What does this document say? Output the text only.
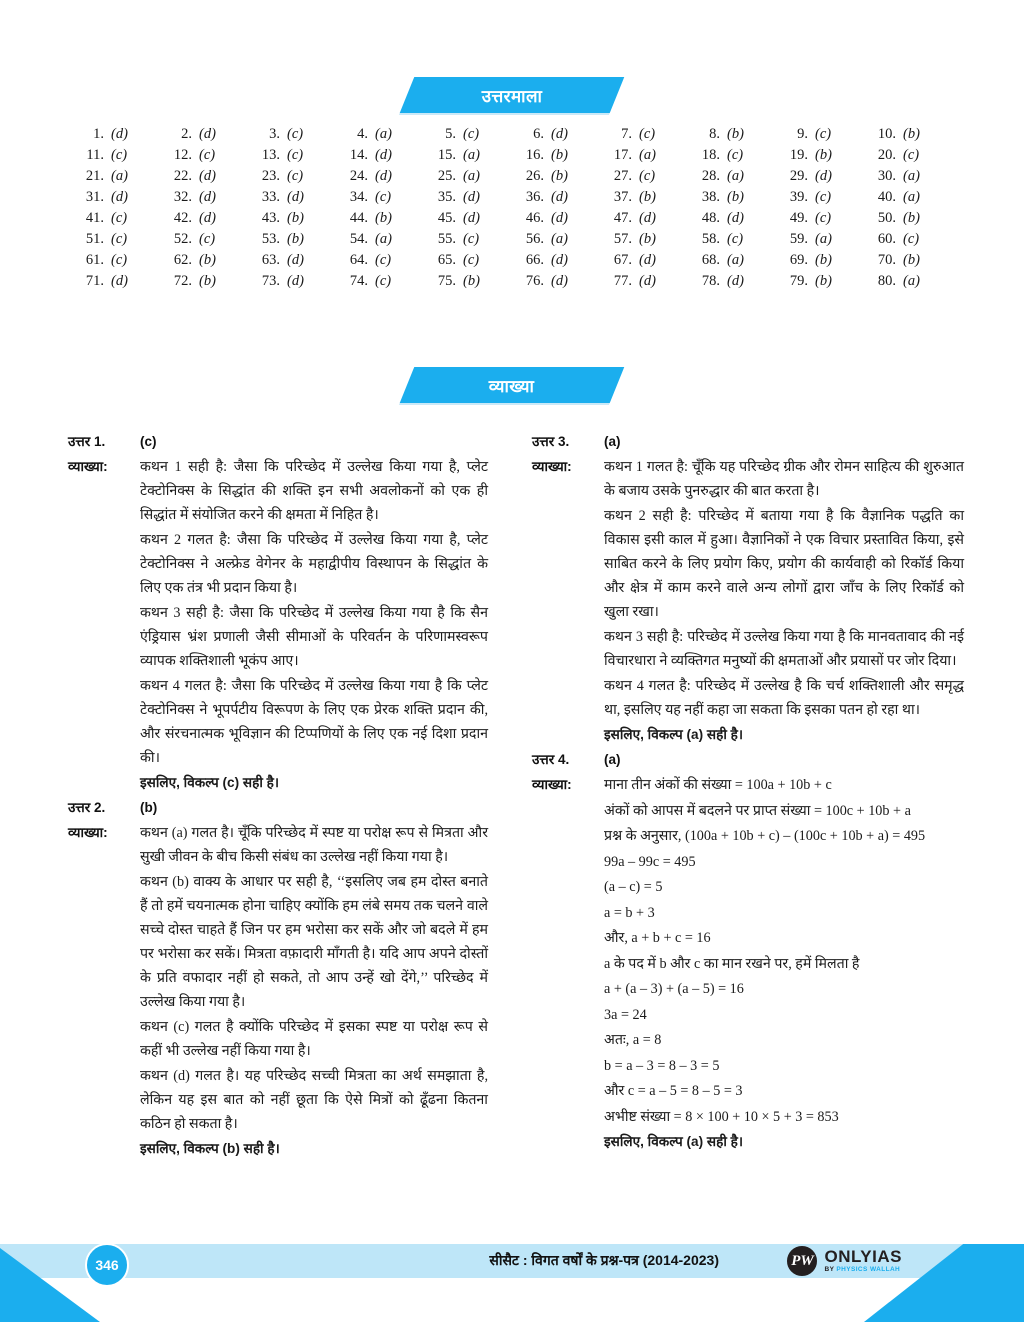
उत्तरमाला
1. (d)	2. (d)	3. (c)	4. (a)	5. (c)	6. (d)	7. (c)	8. (b)	9. (c)	10. (b)
11. (c)	12. (c)	13. (c)	14. (d)	15. (a)	16. (b)	17. (a)	18. (c)	19. (b)	20. (c)
21. (a)	22. (d)	23. (c)	24. (d)	25. (a)	26. (b)	27. (c)	28. (a)	29. (d)	30. (a)
31. (d)	32. (d)	33. (d)	34. (c)	35. (d)	36. (d)	37. (b)	38. (b)	39. (c)	40. (a)
41. (c)	42. (d)	43. (b)	44. (b)	45. (d)	46. (d)	47. (d)	48. (d)	49. (c)	50. (b)
51. (c)	52. (c)	53. (b)	54. (a)	55. (c)	56. (a)	57. (b)	58. (c)	59. (a)	60. (c)
61. (c)	62. (b)	63. (d)	64. (c)	65. (c)	66. (d)	67. (d)	68. (a)	69. (b)	70. (b)
71. (d)	72. (b)	73. (d)	74. (c)	75. (b)	76. (d)	77. (d)	78. (d)	79. (b)	80. (a)
व्याख्या
उत्तर 1.	(c)
व्याख्या:	कथन 1 सही है: जैसा कि परिच्छेद में उल्लेख किया गया है, प्लेट टेक्टोनिक्स के सिद्धांत की शक्ति इन सभी अवलोकनों को एक ही सिद्धांत में संयोजित करने की क्षमता में निहित है।
कथन 2 गलत है: जैसा कि परिच्छेद में उल्लेख किया गया है, प्लेट टेक्टोनिक्स ने अल्फ्रेड वेगेनर के महाद्वीपीय विस्थापन के सिद्धांत के लिए एक तंत्र भी प्रदान किया है।
कथन 3 सही है: जैसा कि परिच्छेद में उल्लेख किया गया है कि सैन एंड्रियास भ्रंश प्रणाली जैसी सीमाओं के परिवर्तन के परिणामस्वरूप व्यापक शक्तिशाली भूकंप आए।
कथन 4 गलत है: जैसा कि परिच्छेद में उल्लेख किया गया है कि प्लेट टेक्टोनिक्स ने भूपर्पटीय विरूपण के लिए एक प्रेरक शक्ति प्रदान की, और संरचनात्मक भूविज्ञान की टिप्पणियों के लिए एक नई दिशा प्रदान की।
इसलिए, विकल्प (c) सही है।
उत्तर 2.	(b)
व्याख्या:	कथन (a) गलत है। चूँकि परिच्छेद में स्पष्ट या परोक्ष रूप से मित्रता और सुखी जीवन के बीच किसी संबंध का उल्लेख नहीं किया गया है।
कथन (b) वाक्य के आधार पर सही है, ‘‘इसलिए जब हम दोस्त बनाते हैं तो हमें चयनात्मक होना चाहिए क्योंकि हम लंबे समय तक चलने वाले सच्चे दोस्त चाहते हैं जिन पर हम भरोसा कर सकें और जो बदले में हम पर भरोसा कर सकें। मित्रता वफ़ादारी माँगती है। यदि आप अपने दोस्तों के प्रति वफादार नहीं हो सकते, तो आप उन्हें खो देंगे,’’ परिच्छेद में उल्लेख किया गया है।
कथन (c) गलत है क्योंकि परिच्छेद में इसका स्पष्ट या परोक्ष रूप से कहीं भी उल्लेख नहीं किया गया है।
कथन (d) गलत है। यह परिच्छेद सच्ची मित्रता का अर्थ समझाता है, लेकिन यह इस बात को नहीं छूता कि ऐसे मित्रों को ढूँढना कितना कठिन हो सकता है।
इसलिए, विकल्प (b) सही है।
उत्तर 3.	(a)
व्याख्या:	कथन 1 गलत है: चूँकि यह परिच्छेद ग्रीक और रोमन साहित्य की शुरुआत के बजाय उसके पुनरुद्धार की बात करता है।
कथन 2 सही है: परिच्छेद में बताया गया है कि वैज्ञानिक पद्धति का विकास इसी काल में हुआ। वैज्ञानिकों ने एक विचार प्रस्तावित किया, इसे साबित करने के लिए प्रयोग किए, प्रयोग की कार्यवाही को रिकॉर्ड किया और क्षेत्र में काम करने वाले अन्य लोगों द्वारा जाँच के लिए रिकॉर्ड को खुला रखा।
कथन 3 सही है: परिच्छेद में उल्लेख किया गया है कि मानवतावाद की नई विचारधारा ने व्यक्तिगत मनुष्यों की क्षमताओं और प्रयासों पर जोर दिया।
कथन 4 गलत है: परिच्छेद में उल्लेख है कि चर्च शक्तिशाली और समृद्ध था, इसलिए यह नहीं कहा जा सकता कि इसका पतन हो रहा था।
इसलिए, विकल्प (a) सही है।
उत्तर 4.	(a)
व्याख्या:	माना तीन अंकों की संख्या = 100a + 10b + c
अंकों को आपस में बदलने पर प्राप्त संख्या = 100c + 10b + a
प्रश्न के अनुसार, (100a + 10b + c) – (100c + 10b + a) = 495
99a – 99c = 495
(a – c) = 5
a = b + 3
और, a + b + c = 16
a के पद में b और c का मान रखने पर, हमें मिलता है
a + (a – 3) + (a – 5) = 16
3a = 24
अतः, a = 8
b = a – 3 = 8 – 3 = 5
और c = a – 5 = 8 – 5 = 3
अभीष्ट संख्या = 8 × 100 + 10 × 5 + 3 = 853
इसलिए, विकल्प (a) सही है।
346	सीसैट : विगत वर्षों के प्रश्न-पत्र (2014-2023)	PW ONLYIAS
BY PHYSICS WALLAH
